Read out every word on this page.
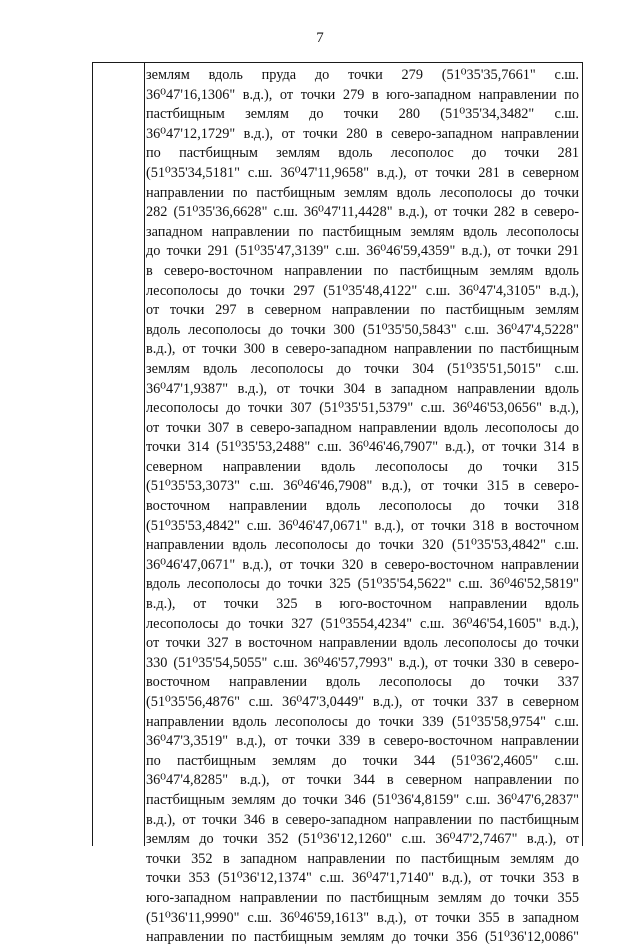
7
землям вдоль пруда до точки 279 (51⁰35'35,7661" с.ш.
36⁰47'16,1306" в.д.), от точки 279 в юго-западном направлении по
пастбищным землям до точки 280 (51⁰35'34,3482" с.ш.
36⁰47'12,1729" в.д.), от точки 280 в северо-западном направлении
по пастбищным землям вдоль лесополос до точки 281
(51⁰35'34,5181" с.ш. 36⁰47'11,9658" в.д.), от точки 281 в северном
направлении по пастбищным землям вдоль лесополосы до точки
282 (51⁰35'36,6628" с.ш. 36⁰47'11,4428" в.д.), от точки 282 в северо-
западном направлении по пастбищным землям вдоль лесополосы
до точки 291 (51⁰35'47,3139" с.ш. 36⁰46'59,4359" в.д.), от точки 291
в северо-восточном направлении по пастбищным землям вдоль
лесополосы до точки 297 (51⁰35'48,4122" с.ш. 36⁰47'4,3105" в.д.),
от точки 297 в северном направлении по пастбищным землям
вдоль лесополосы до точки 300 (51⁰35'50,5843" с.ш. 36⁰47'4,5228"
в.д.), от точки 300 в северо-западном направлении по пастбищным
землям вдоль лесополосы до точки 304 (51⁰35'51,5015" с.ш.
36⁰47'1,9387" в.д.), от точки 304 в западном направлении вдоль
лесополосы до точки 307 (51⁰35'51,5379" с.ш. 36⁰46'53,0656" в.д.),
от точки 307 в северо-западном направлении вдоль лесополосы до
точки 314 (51⁰35'53,2488" с.ш. 36⁰46'46,7907" в.д.), от точки 314 в
северном направлении вдоль лесополосы до точки 315
(51⁰35'53,3073" с.ш. 36⁰46'46,7908" в.д.), от точки 315 в северо-
восточном направлении вдоль лесополосы до точки 318
(51⁰35'53,4842" с.ш. 36⁰46'47,0671" в.д.), от точки 318 в восточном
направлении вдоль лесополосы до точки 320 (51⁰35'53,4842" с.ш.
36⁰46'47,0671" в.д.), от точки 320 в северо-восточном направлении
вдоль лесополосы до точки 325 (51⁰35'54,5622" с.ш. 36⁰46'52,5819"
в.д.), от точки 325 в юго-восточном направлении вдоль
лесополосы до точки 327 (51⁰3554,4234" с.ш. 36⁰46'54,1605" в.д.),
от точки 327 в восточном направлении вдоль лесополосы до точки
330 (51⁰35'54,5055" с.ш. 36⁰46'57,7993" в.д.), от точки 330 в северо-
восточном направлении вдоль лесополосы до точки 337
(51⁰35'56,4876" с.ш. 36⁰47'3,0449" в.д.), от точки 337 в северном
направлении вдоль лесополосы до точки 339 (51⁰35'58,9754" с.ш.
36⁰47'3,3519" в.д.), от точки 339 в северо-восточном направлении
по пастбищным землям до точки 344 (51⁰36'2,4605" с.ш.
36⁰47'4,8285" в.д.), от точки 344 в северном направлении по
пастбищным землям до точки 346 (51⁰36'4,8159" с.ш. 36⁰47'6,2837"
в.д.), от точки 346 в северо-западном направлении по пастбищным
землям до точки 352 (51⁰36'12,1260" с.ш. 36⁰47'2,7467" в.д.), от
точки 352 в западном направлении по пастбищным землям до
точки 353 (51⁰36'12,1374" с.ш. 36⁰47'1,7140" в.д.), от точки 353 в
юго-западном направлении по пастбищным землям до точки 355
(51⁰36'11,9990" с.ш. 36⁰46'59,1613" в.д.), от точки 355 в западном
направлении по пастбищным землям до точки 356 (51⁰36'12,0086"
